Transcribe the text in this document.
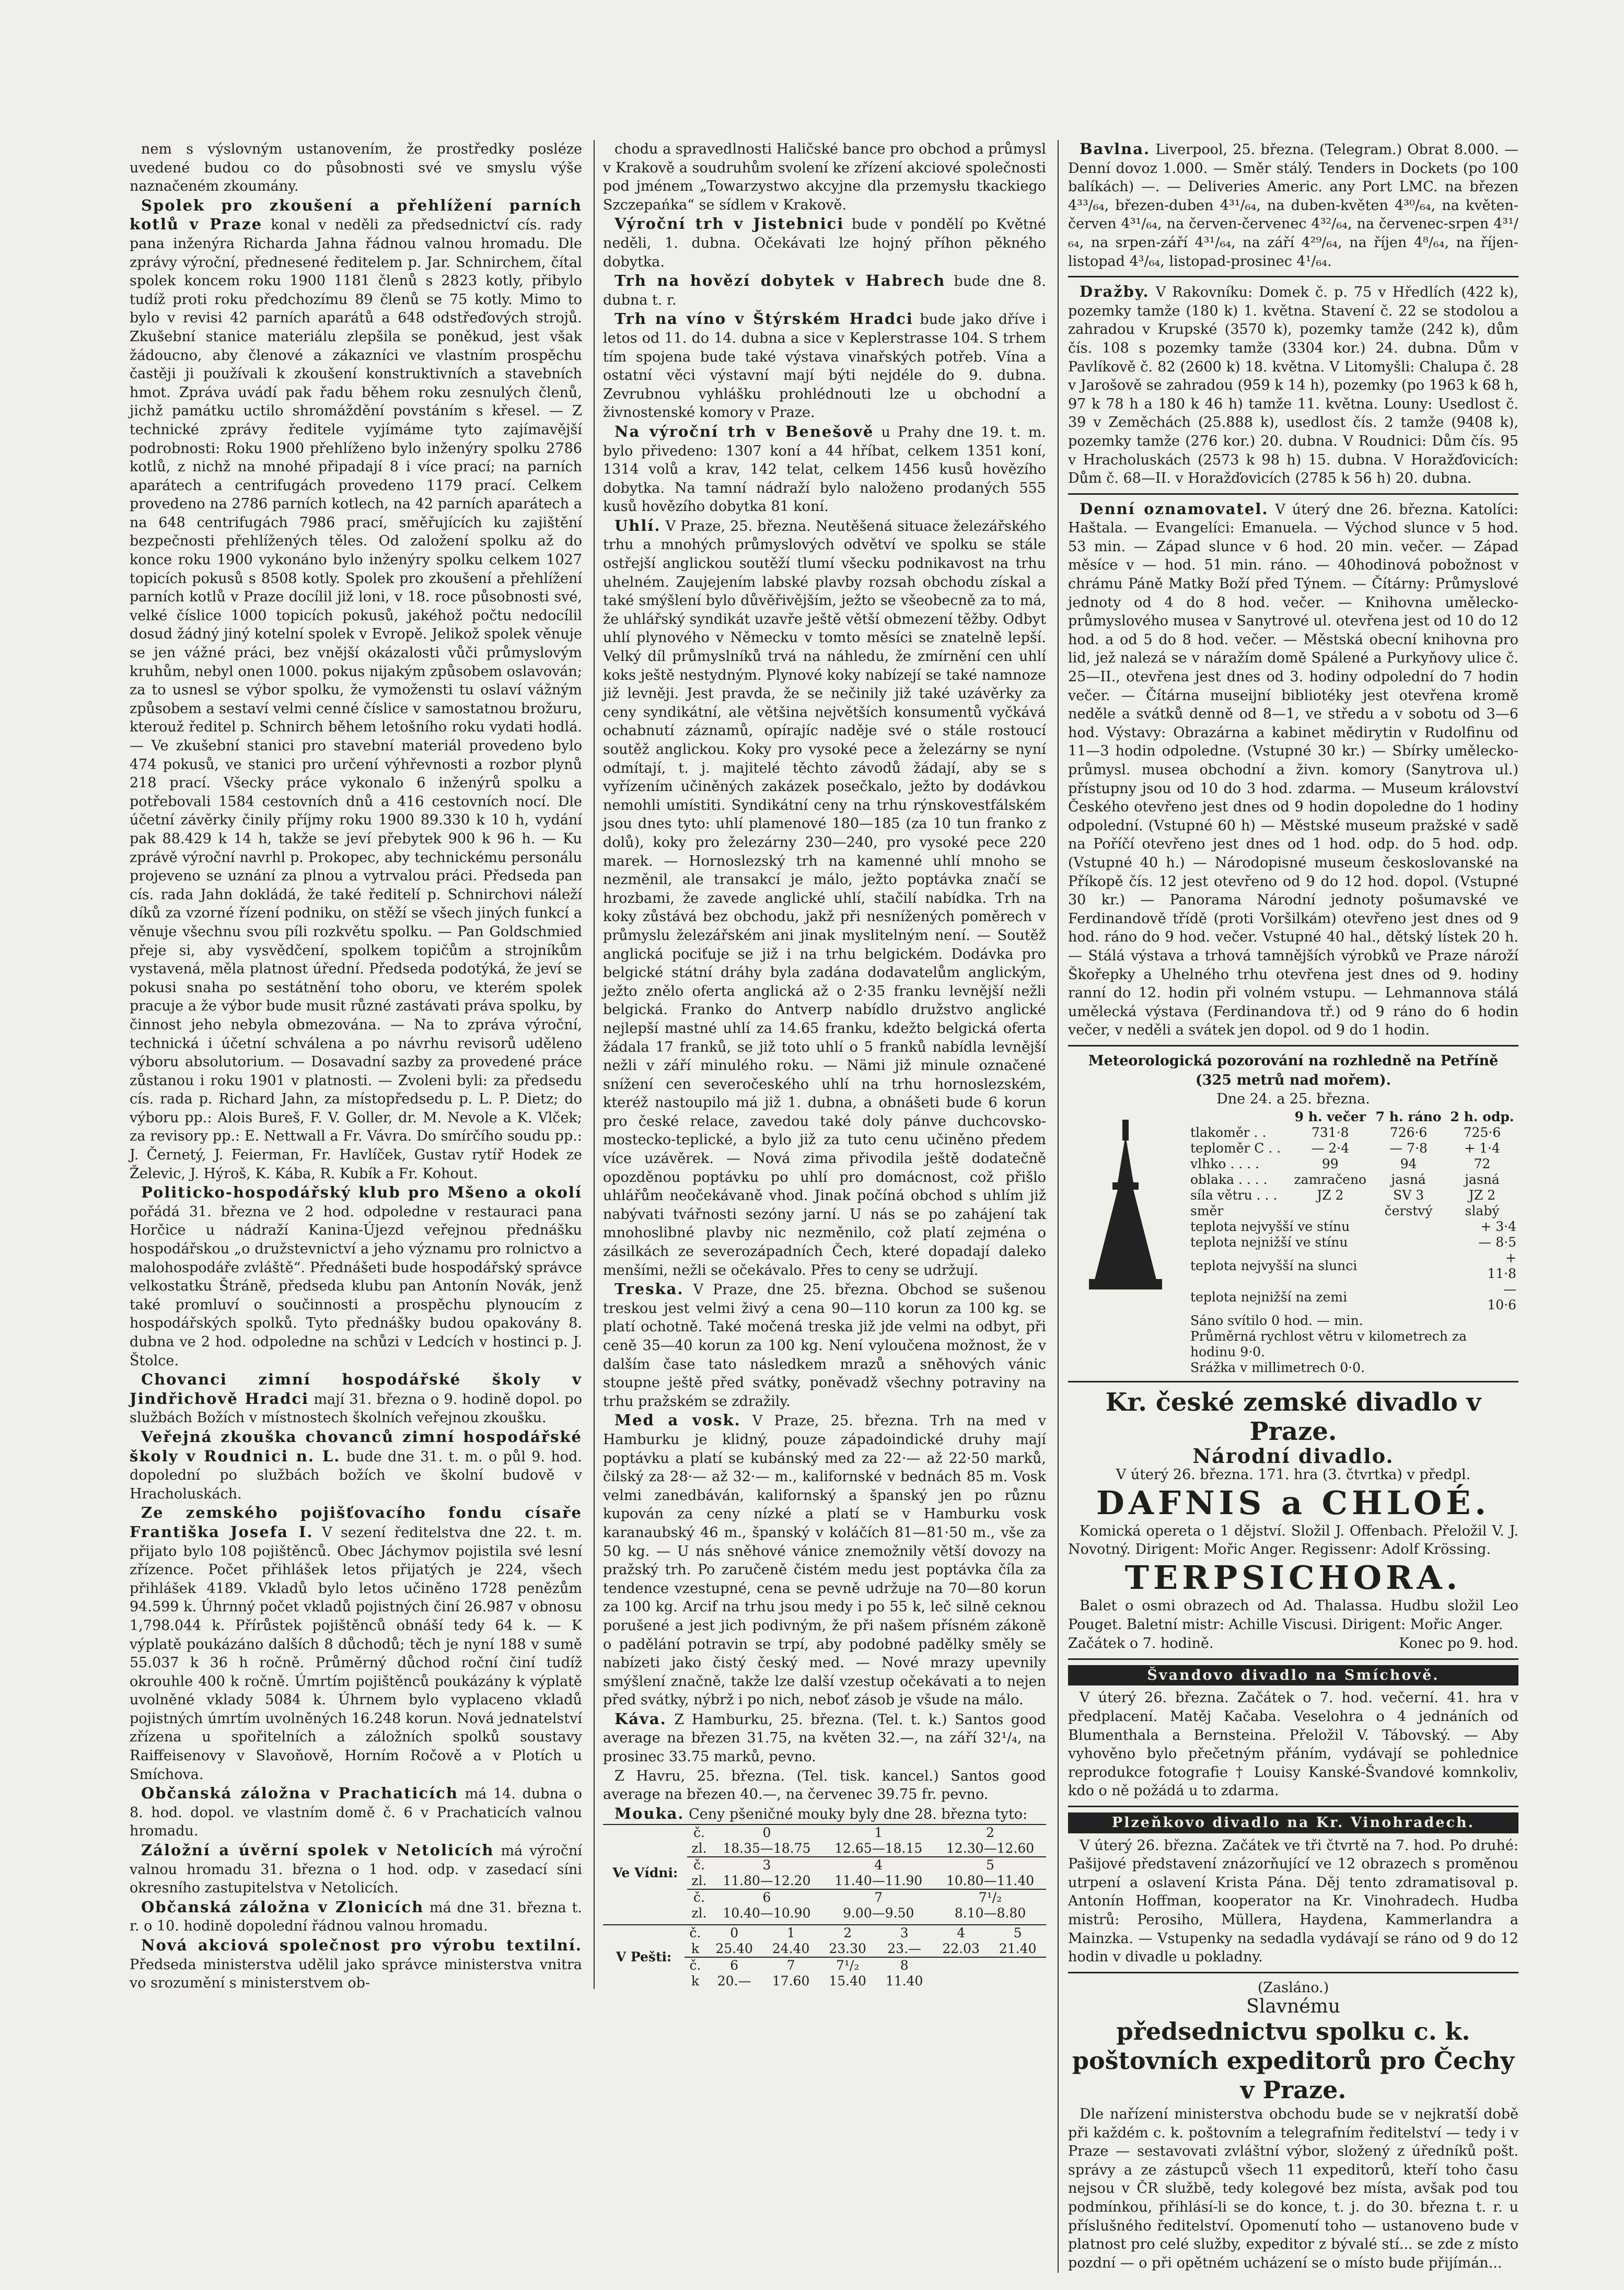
nem s výslovným ustanovením, že prostředky posléze uvedené budou co do působnosti své ve smyslu výše naznačeném zkoumány.

Spolek pro zkoušení a přehlížení parních kotlů v Praze konal v neděli za předsednictví cís. rady pana inženýra Richarda Jahna řádnou valnou hromadu. Dle zprávy výroční, přednesené ředitelem p. Jar. Schnirchem, čítal spolek koncem roku 1900 1181 členů s 2823 kotly, přibylo tudíž proti roku předchozímu 89 členů se 75 kotly. Mimo to bylo v revisi 42 parních aparátů a 648 odstřeďových strojů. Zkušební stanice materiálu zlepšila se poněkud, jest však žádoucno, aby členové a zákazníci ve vlastním prospěchu častěji ji používali k zkoušení konstruktivních a stavebních hmot. Zpráva uvádí pak řadu během roku zesnulých členů, jichž památku uctilo shromáždění povstáním s křesel. — Z technické zprávy ředitele vyjímáme tyto zajímavější podrobnosti: Roku 1900 přehlíženo bylo inženýry spolku 2786 kotlů, z nichž na mnohé připadají 8 i více prací; na parních aparátech a centrifugách provedeno 1179 prací. Celkem provedeno na 2786 parních kotlech, na 42 parních aparátech a na 648 centrifugách 7986 prací, směřujících ku zajištění bezpečnosti přehlížených těles. Od založení spolku až do konce roku 1900 vykonáno bylo inženýry spolku celkem 1027 topicích pokusů s 8508 kotly. Spolek pro zkoušení a přehlížení parních kotlů v Praze docílil již loni, v 18. roce působnosti své, velké číslice 1000 topicích pokusů, jakéhož počtu nedocílil dosud žádný jiný kotelní spolek v Evropě. Jelikož spolek věnuje se jen vážné práci, bez vnější okázalosti vůči průmyslovým kruhům, nebyl onen 1000. pokus nijakým způsobem oslavován; za to usnesl se výbor spolku, že vymožensti tu oslaví vážným způsobem a sestaví velmi cenné číslice v samostatnou brožuru, kterouž ředitel p. Schnirch během letošního roku vydati hodlá. — Ve zkušební stanici pro stavební materiál provedeno bylo 474 pokusů, ve stanici pro určení výhřevnosti a rozbor plynů 218 prací. Všecky práce vykonalo 6 inženýrů spolku a potřebovali 1584 cestovních dnů a 416 cestovních nocí. Dle účetní závěrky činily příjmy roku 1900 89.330 k 10 h, vydání pak 88.429 k 14 h, takže se jeví přebytek 900 k 96 h. — Ku zprávě výroční navrhl p. Prokopec, aby technickému personálu projeveno se uznání za plnou a vytrvalou práci. Předseda pan cís. rada Jahn dokládá, že také ředitelí p. Schnirchovi náleží díků za vzorné řízení podniku, on stěží se všech jiných funkcí a věnuje všechnu svou píli rozkvětu spolku. — Pan Goldschmied přeje si, aby vysvědčení, spolkem topičům a strojníkům vystavená, měla platnost úřední. Předseda podotýká, že jeví se pokusi snaha po sestátnění toho oboru, ve kterém spolek pracuje a že výbor bude musit různé zastávati práva spolku, by činnost jeho nebyla obmezována. — Na to zpráva výroční, technická i účetní schválena a po návrhu revisorů uděleno výboru absolutorium. — Dosavadní sazby za provedené práce zůstanou i roku 1901 v platnosti. — Zvoleni byli: za předsedu cís. rada p. Richard Jahn, za místopředsedu p. L. P. Dietz; do výboru pp.: Alois Bureš, F. V. Goller, dr. M. Nevole a K. Vlček; za revisory pp.: E. Nettwall a Fr. Vávra. Do smírčího soudu pp.: J. Černetý, J. Feierman, Fr. Havlíček, Gustav rytíř Hodek ze Želevic, J. Hýroš, K. Kába, R. Kubík a Fr. Kohout.

Politicko-hospodářský klub pro Mšeno a okolí pořádá 31. března ve 2 hod. odpoledne v restauraci pana Horčice u nádraží Kanina-Újezd veřejnou přednášku hospodářskou „o družstevnictví a jeho významu pro rolnictvo a malohospodáře zvláště“. Přednášeti bude hospodářský správce velkostatku Štráně, předseda klubu pan Antonín Novák, jenž také promluví o součinnosti a prospěchu plynoucím z hospodářských spolků. Tyto přednášky budou opakovány 8. dubna ve 2 hod. odpoledne na schůzi v Ledcích v hostinci p. J. Štolce.

Chovanci zimní hospodářské školy v Jindřichově Hradci mají 31. března o 9. hodině dopol. po službách Božích v místnostech školních veřejnou zkoušku.

Veřejná zkouška chovanců zimní hospodářské školy v Roudnici n. L. bude dne 31. t. m. o půl 9. hod. dopolední po službách božích ve školní budově v Hracholuskách.

Ze zemského pojišťovacího fondu císaře Františka Josefa I. V sezení ředitelstva dne 22. t. m. přijato bylo 108 pojištěnců. Obec Jáchymov pojistila své lesní zřízence. Počet přihlášek letos přijatých je 224, všech přihlášek 4189. Vkladů bylo letos učiněno 1728 penězům 94.599 k. Úhrnný počet vkladů pojistných činí 26.987 v obnosu 1,798.044 k. Přírůstek pojištěnců obnáší tedy 64 k. — K výplatě poukázáno dalších 8 důchodů; těch je nyní 188 v sumě 55.037 k 36 h ročně. Průměrný důchod roční činí tudíž okrouhle 400 k ročně. Úmrtím pojištěnců poukázány k výplatě uvolněné vklady 5084 k. Úhrnem bylo vyplaceno vkladů pojistných úmrtím uvolněných 16.248 korun. Nová jednatelství zřízena u spořitelních a záložních spolků soustavy Raiffeisenovy v Slavoňově, Horním Ročově a v Plotích u Smíchova.

Občanská záložna v Prachaticích má 14. dubna o 8. hod. dopol. ve vlastním domě č. 6 v Prachaticích valnou hromadu.

Záložní a úvěrní spolek v Netolicích má výroční valnou hromadu 31. března o 1 hod. odp. v zasedací síni okresního zastupitelstva v Netolicích.

Občanská záložna v Zlonicích má dne 31. března t. r. o 10. hodině dopolední řádnou valnou hromadu.

Nová akciová společnost pro výrobu textilní. Předseda ministerstva udělil jako správce ministerstva vnitra vo srozumění s ministerstvem ob-

chodu a spravedlnosti Haličské bance pro obchod a průmysl v Krakově a soudruhům svolení ke zřízení akciové společnosti pod jménem „Towarzystwo akcyjne dla przemysłu tkackiego Szczepańka“ se sídlem v Krakově.

Výroční trh v Jistebnici bude v pondělí po Květné neděli, 1. dubna. Očekávati lze hojný příhon pěkného dobytka.

Trh na hovězí dobytek v Habrech bude dne 8. dubna t. r.

Trh na víno v Štýrském Hradci bude jako dříve i letos od 11. do 14. dubna a sice v Keplerstrasse 104. S trhem tím spojena bude také výstava vinařských potřeb. Vína a ostatní věci výstavní mají býti nejdéle do 9. dubna. Zevrubnou vyhlášku prohlédnouti lze u obchodní a živnostenské komory v Praze.

Na výroční trh v Benešově u Prahy dne 19. t. m. bylo přivedeno: 1307 koní a 44 hříbat, celkem 1351 koní, 1314 volů a krav, 142 telat, celkem 1456 kusů hovězího dobytka. Na tamní nádraží bylo naloženo prodaných 555 kusů hovězího dobytka 81 koní.

Uhlí. V Praze, 25. března. Neutěšená situace železářského trhu a mnohých průmyslových odvětví ve spolku se stále ostřejší anglickou soutěží tlumí všecku podnikavost na trhu uhelném. Zaujejením labské plavby rozsah obchodu získal a také smýšlení bylo důvěřivějším, ježto se všeobecně za to má, že uhlářský syndikát uzavře ještě větší obmezení těžby. Odbyt uhlí plynového v Německu v tomto měsíci se znatelně lepší. Velký díl průmyslníků trvá na náhledu, že zmírnění cen uhlí koks ještě nestydným. Plynové koky nabízejí se také namnoze již levněji. Jest pravda, že se nečinily již také uzávěrky za ceny syndikátní, ale většina největších konsumentů vyčkává ochabnutí záznamů, opírajíc naděje své o stále rostoucí soutěž anglickou. Koky pro vysoké pece a železárny se nyní odmítají, t. j. majitelé těchto závodů žádají, aby se s vyřízením učiněných zakázek posečkalo, ježto by dodávkou nemohli umístiti. Syndikátní ceny na trhu rýnskovestfálském jsou dnes tyto: uhlí plamenové 180—185 (za 10 tun franko z dolů), koky pro železárny 230—240, pro vysoké pece 220 marek. — Hornoslezský trh na kamenné uhlí mnoho se nezměnil, ale transakcí je málo, ježto poptávka značí se hrozbami, že zavede anglické uhlí, stačilí nabídka. Trh na koky zůstává bez obchodu, jakž při nesnížených poměrech v průmyslu železářském ani jinak myslitelným není. — Soutěž anglická pociťuje se již i na trhu belgickém. Dodávka pro belgické státní dráhy byla zadána dodavatelům anglickým, ježto znělo oferta anglická až o 2·35 franku levnější nežli belgická. Franko do Antverp nabídlo družstvo anglické nejlepší mastné uhlí za 14.65 franku, kdežto belgická oferta žádala 17 franků, se již toto uhlí o 5 franků nabídla levnější nežli v září minulého roku. — Nämi již minule označené snížení cen severočeského uhlí na trhu hornoslezském, kteréž nastoupilo má již 1. dubna, a obnášeti bude 6 korun pro české relace, zavedou také doly pánve duchcovsko-mostecko-teplické, a bylo již za tuto cenu učiněno předem více uzávěrek. — Nová zima přivodila ještě dodatečně opozděnou poptávku po uhlí pro domácnost, což přišlo uhlářům neočekávaně vhod. Jinak počíná obchod s uhlím již nabývati tvářnosti sezóny jarní. U nás se po zahájení tak mnohoslibné plavby nic nezměnilo, což platí zejména o zásilkách ze severozápadních Čech, které dopadají daleko menšími, nežli se očekávalo. Přes to ceny se udržují.

Treska. V Praze, dne 25. března. Obchod se sušenou treskou jest velmi živý a cena 90—110 korun za 100 kg. se platí ochotně. Také močená treska již jde velmi na odbyt, při ceně 35—40 korun za 100 kg. Není vyloučena možnost, že v dalším čase tato následkem mrazů a sněhových vánic stoupne ještě před svátky, poněvadž všechny potraviny na trhu pražském se zdražily.

Med a vosk. V Praze, 25. března. Trh na med v Hamburku je klidný, pouze západoindické druhy mají poptávku a platí se kubánský med za 22·— až 22·50 marků, čilský za 28·— až 32·— m., kalifornské v bednách 85 m. Vosk velmi zanedbáván, kalifornský a španský jen po různu kupován za ceny nízké a platí se v Hamburku vosk karanaubský 46 m., španský v koláčích 81—81·50 m., vše za 50 kg. — U nás sněhové vánice znemožnily větší dovozy na pražský trh. Po zaručeně čistém medu jest poptávka číla za tendence vzestupné, cena se pevně udržuje na 70—80 korun za 100 kg. Arcif na trhu jsou medy i po 55 k, leč silně ceknou porušené a jest jich podivným, že při našem přísném zákoně o padělání potravin se trpí, aby podobné padělky směly se nabízeti jako čistý český med. — Nové mrazy upevnily smýšlení značně, takže lze další vzestup očekávati a to nejen před svátky, nýbrž i po nich, neboť zásob je všude na málo.

Káva. Z Hamburku, 25. března. (Tel. t. k.) Santos good average na březen 31.75, na květen 32.—, na září 32¹/₄, na prosinec 33.75 marků, pevno.

Z Havru, 25. března. (Tel. tisk. kancel.) Santos good average na březen 40.—, na červenec 39.75 fr. pevno.

Mouka. Ceny pšeničné mouky byly dne 28. března tyto:

Ve Vídni:	č.	0	1	2
	zl.	18.35—18.75	12.65—18.15	12.30—12.60
	č.	3	4	5
	zl.	11.80—12.20	11.40—11.90	10.80—11.40
	č.	6	7	7¹/₂
	zl.	10.40—10.90	9.00—9.50	8.10—8.80
V Pešti:	č.	0	1	2	3	4	5
	k	25.40	24.40	23.30	23.—	22.03	21.40
	č.	6	7	7¹/₂	8		
	k	20.—	17.60	15.40	11.40		

Bavlna. Liverpool, 25. března. (Telegram.) Obrat 8.000. — Denní dovoz 1.000. — Směr stálý. Tenders in Dockets (po 100 balíkách) —. — Deliveries Americ. any Port LMC. na březen 4³³/₆₄, březen-duben 4³¹/₆₄, na duben-květen 4³⁰/₆₄, na květen-červen 4³¹/₆₄, na červen-červenec 4³²/₆₄, na červenec-srpen 4³¹/₆₄, na srpen-září 4³¹/₆₄, na září 4²⁹/₆₄, na říjen 4⁸/₆₄, na říjen-listopad 4³/₆₄, listopad-prosinec 4¹/₆₄.

Dražby. V Rakovníku: Domek č. p. 75 v Hředlích (422 k), pozemky tamže (180 k) 1. května. Stavení č. 22 se stodolou a zahradou v Krupské (3570 k), pozemky tamže (242 k), dům čís. 108 s pozemky tamže (3304 kor.) 24. dubna. Dům v Pavlíkově č. 82 (2600 k) 18. května. V Litomyšli: Chalupa č. 28 v Jarošově se zahradou (959 k 14 h), pozemky (po 1963 k 68 h, 97 k 78 h a 180 k 46 h) tamže 11. května. Louny: Usedlost č. 39 v Zeměchách (25.888 k), usedlost čís. 2 tamže (9408 k), pozemky tamže (276 kor.) 20. dubna. V Roudnici: Dům čís. 95 v Hracholuskách (2573 k 98 h) 15. dubna. V Horažďovicích: Dům č. 68—II. v Horažďovicích (2785 k 56 h) 20. dubna.

Denní oznamovatel. V úterý dne 26. března. Katolíci: Haštala. — Evangelíci: Emanuela. — Východ slunce v 5 hod. 53 min. — Západ slunce v 6 hod. 20 min. večer. — Západ měsíce v — hod. 51 min. ráno. — 40hodinová pobožnost v chrámu Páně Matky Boží před Týnem. — Čítárny: Průmyslové jednoty od 4 do 8 hod. večer. — Knihovna umělecko-průmyslového musea v Sanytrové ul. otevřena jest od 10 do 12 hod. a od 5 do 8 hod. večer. — Městská obecní knihovna pro lid, jež nalezá se v náražím domě Spálené a Purkyňovy ulice č. 25—II., otevřena jest dnes od 3. hodiny odpolední do 7 hodin večer. — Čítárna museijní bibliotéky jest otevřena kromě neděle a svátků denně od 8—1, ve středu a v sobotu od 3—6 hod. Výstavy: Obrazárna a kabinet mědirytin v Rudolfinu od 11—3 hodin odpoledne. (Vstupné 30 kr.) — Sbírky umělecko-průmysl. musea obchodní a živn. komory (Sanytrova ul.) přístupny jsou od 10 do 3 hod. zdarma. — Museum království Českého otevřeno jest dnes od 9 hodin dopoledne do 1 hodiny odpolední. (Vstupné 60 h) — Městské museum pražské v sadě na Poříčí otevřeno jest dnes od 1 hod. odp. do 5 hod. odp. (Vstupné 40 h.) — Národopisné museum českoslovanské na Příkopě čís. 12 jest otevřeno od 9 do 12 hod. dopol. (Vstupné 30 kr.) — Panorama Národní jednoty pošumavské ve Ferdinandově třídě (proti Voršilkám) otevřeno jest dnes od 9 hod. ráno do 9 hod. večer. Vstupné 40 hal., dětský lístek 20 h. — Stálá výstava a trhová tamnějších výrobků ve Praze nároží Škořepky a Uhelného trhu otevřena jest dnes od 9. hodiny ranní do 12. hodin při volném vstupu. — Lehmannova stálá umělecká výstava (Ferdinandova tř.) od 9 ráno do 6 hodin večer, v neděli a svátek jen dopol. od 9 do 1 hodin.

Meteorologická pozorování na rozhledně na Petříně

(325 metrů nad mořem).

Dne 24. a 25. března.

	9 h. večer	7 h. ráno	2 h. odp.
tlakoměr . .	731·8	726·6	725·6
teploměr C . .	— 2·4	— 7·8	+ 1·4
vlhko . . . .	99	94	72
oblaka . . . .	zamračeno	jasná	jasná
síla větru . . .	JZ 2	SV 3	JZ 2
směr		čerstvý	slabý
teplota nejvyšší ve stínu	+ 3·4
teplota nejnižší ve stínu	— 8·5
teplota nejvyšší na slunci	+ 11·8
teplota nejnižší na zemi	— 10·6
Sáno svítilo 0 hod. — min.	
Průměrná rychlost větru v kilometrech za hodinu 9·0.	
Srážka v millimetrech 0·0.	

Kr. české zemské divadlo v Praze.

Národní divadlo.

V úterý 26. března. 171. hra (3. čtvrtka) v předpl.

DAFNIS a CHLOÉ.

Komická opereta o 1 dějství. Složil J. Offenbach. Přeložil V. J. Novotný. Dirigent: Mořic Anger. Regissenr: Adolf Krössing.

TERPSICHORA.

Balet o osmi obrazech od Ad. Thalassa. Hudbu složil Leo Pouget. Baletní mistr: Achille Viscusi. Dirigent: Mořic Anger.

Začátek o 7. hodině.	Konec po 9. hod.

Švandovo divadlo na Smíchově.

V úterý 26. března. Začátek o 7. hod. večerní. 41. hra v předplacení. Matěj Kačaba. Veselohra o 4 jednáních od Blumenthala a Bernsteina. Přeložil V. Tábovský. — Aby vyhověno bylo přečetným přáním, vydávají se pohlednice reprodukce fotografie † Louisy Kanské-Švandové komnkoliv, kdo o ně požádá u to zdarma.

Plzeňkovo divadlo na Kr. Vinohradech.

V úterý 26. března. Začátek ve tři čtvrtě na 7. hod. Po druhé: Pašijové představení znázorňující ve 12 obrazech s proměnou utrpení a oslavení Krista Pána. Děj tento zdramatisoval p. Antonín Hoffman, kooperator na Kr. Vinohradech. Hudba mistrů: Perosiho, Müllera, Haydena, Kammerlandra a Mainzka. — Vstupenky na sedadla vydávají se ráno od 9 do 12 hodin v divadle u pokladny.

(Zasláno.)

Slavnému

předsednictvu spolku c. k. poštovních expeditorů pro Čechy v Praze.

Dle nařízení ministerstva obchodu bude se v nejkratší době při každém c. k. poštovním a telegrafním ředitelství — tedy i v Praze — sestavovati zvláštní výbor, složený z úředníků pošt. správy a ze zástupců všech 11 expeditorů, kteří toho času nejsou v ČR službě, tedy kolegové bez místa, avšak pod tou podmínkou, přihlásí-li se do konce, t. j. do 30. března t. r. u příslušného ředitelství. Opomenutí toho — ustanoveno bude v platnost pro celé služby, expeditor z bývalé stí... se zde z místo pozdní — o při opětném ucházení se o místo bude přijímán...
